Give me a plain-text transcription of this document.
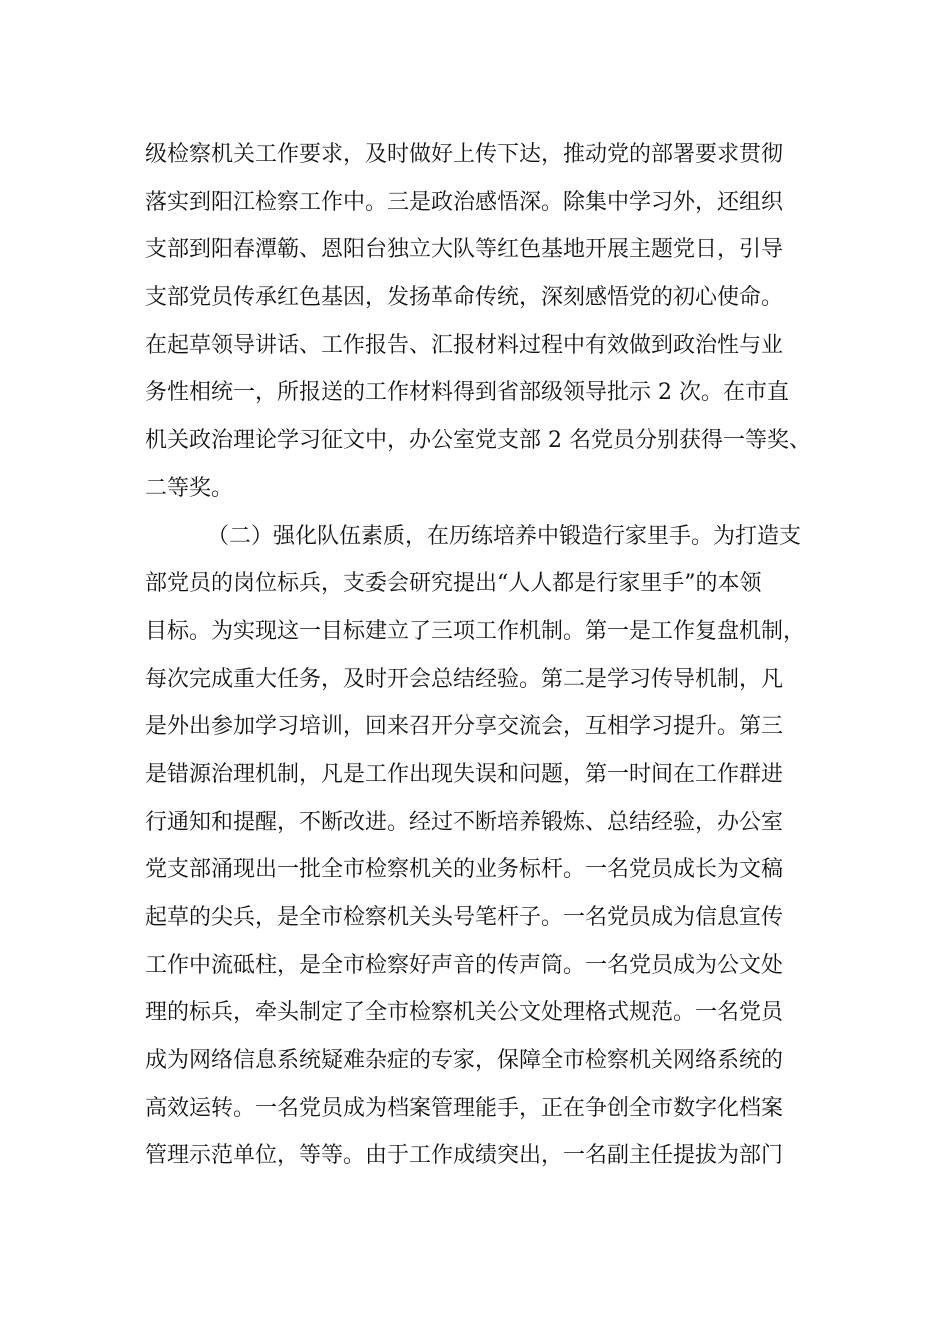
级检察机关工作要求，及时做好上传下达，推动党的部署要求贯彻
落实到阳江检察工作中。三是政治感悟深。除集中学习外，还组织
支部到阳春潭簕、恩阳台独立大队等红色基地开展主题党日，引导
支部党员传承红色基因，发扬革命传统，深刻感悟党的初心使命。
在起草领导讲话、工作报告、汇报材料过程中有效做到政治性与业
务性相统一，所报送的工作材料得到省部级领导批示 2 次。在市直
机关政治理论学习征文中，办公室党支部 2 名党员分别获得一等奖、
二等奖。
（二）强化队伍素质，在历练培养中锻造行家里手。为打造支
部党员的岗位标兵，支委会研究提出“人人都是行家里手”的本领
目标。为实现这一目标建立了三项工作机制。第一是工作复盘机制，
每次完成重大任务，及时开会总结经验。第二是学习传导机制，凡
是外出参加学习培训，回来召开分享交流会，互相学习提升。第三
是错源治理机制，凡是工作出现失误和问题，第一时间在工作群进
行通知和提醒，不断改进。经过不断培养锻炼、总结经验，办公室
党支部涌现出一批全市检察机关的业务标杆。一名党员成长为文稿
起草的尖兵，是全市检察机关头号笔杆子。一名党员成为信息宣传
工作中流砥柱，是全市检察好声音的传声筒。一名党员成为公文处
理的标兵，牵头制定了全市检察机关公文处理格式规范。一名党员
成为网络信息系统疑难杂症的专家，保障全市检察机关网络系统的
高效运转。一名党员成为档案管理能手，正在争创全市数字化档案
管理示范单位，等等。由于工作成绩突出，一名副主任提拔为部门
